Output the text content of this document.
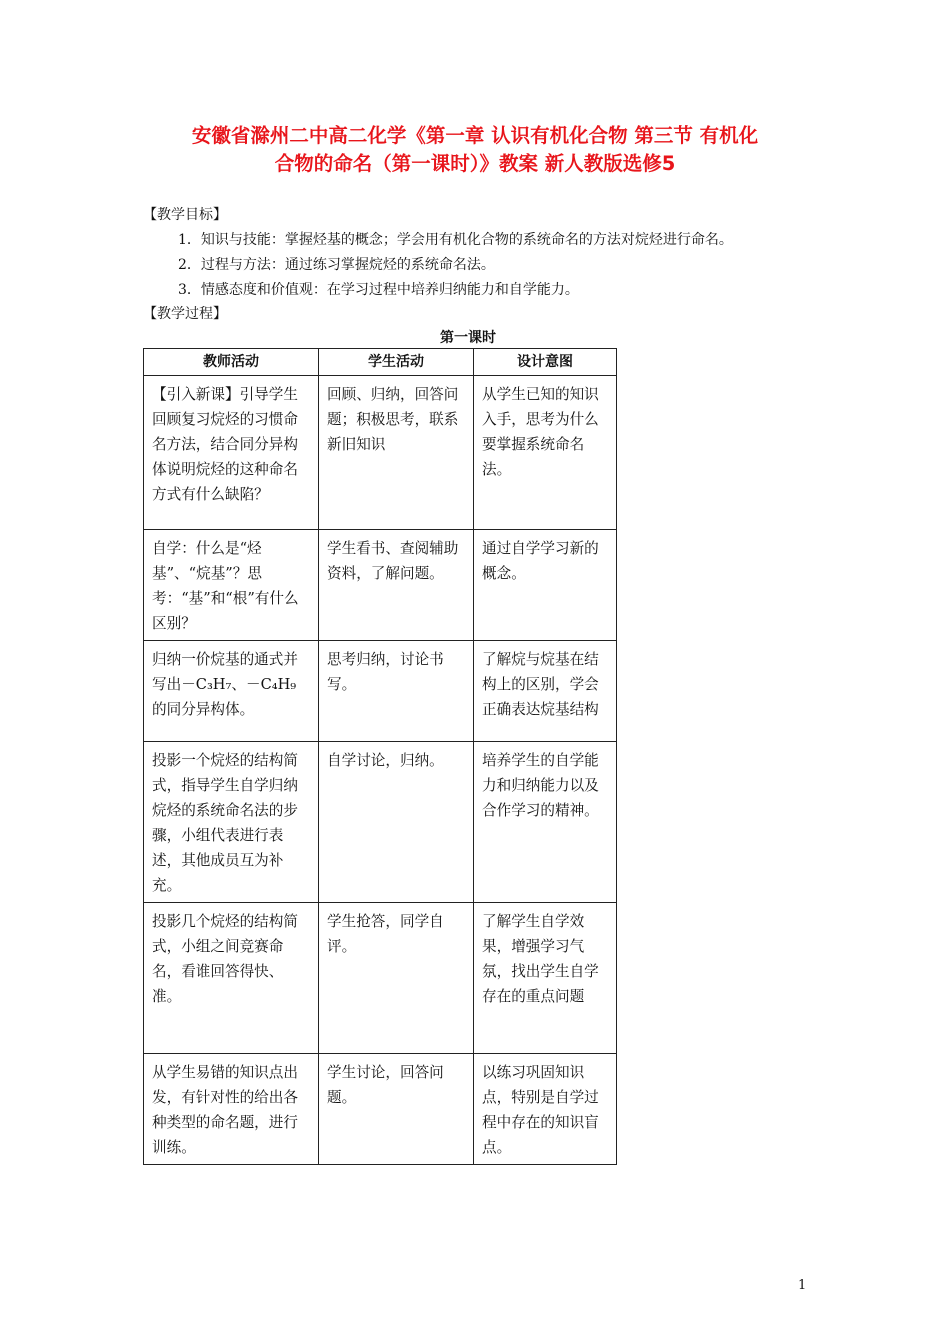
安徽省滁州二中高二化学《第一章 认识有机化合物 第三节 有机化
合物的命名（第一课时）》教案 新人教版选修5
【教学目标】
1．知识与技能：掌握烃基的概念；学会用有机化合物的系统命名的方法对烷烃进行命名。
2．过程与方法：通过练习掌握烷烃的系统命名法。
3．情感态度和价值观：在学习过程中培养归纳能力和自学能力。
【教学过程】
第一课时
教师活动	学生活动	设计意图

【引入新课】引导学生回顾复习烷烃的习惯命名方法，结合同分异构体说明烷烃的这种命名方式有什么缺陷？	回顾、归纳，回答问题；积极思考，联系新旧知识	从学生已知的知识入手，思考为什么要掌握系统命名法。

自学：什么是“烃基”、“烷基”？思考：“基”和“根”有什么区别？	学生看书、查阅辅助资料，了解问题。	通过自学学习新的概念。

归纳一价烷基的通式并写出－C₃H₇、－C₄H₉的同分异构体。	思考归纳，讨论书写。	了解烷与烷基在结构上的区别，学会正确表达烷基结构

投影一个烷烃的结构简式，指导学生自学归纳烷烃的系统命名法的步骤，小组代表进行表述，其他成员互为补充。	自学讨论，归纳。	培养学生的自学能力和归纳能力以及合作学习的精神。

投影几个烷烃的结构简式，小组之间竞赛命名，看谁回答得快、准。	学生抢答，同学自评。	了解学生自学效果，增强学习气氛，找出学生自学存在的重点问题

从学生易错的知识点出发，有针对性的给出各种类型的命名题，进行训练。	学生讨论，回答问题。	以练习巩固知识点，特别是自学过程中存在的知识盲点。
1
